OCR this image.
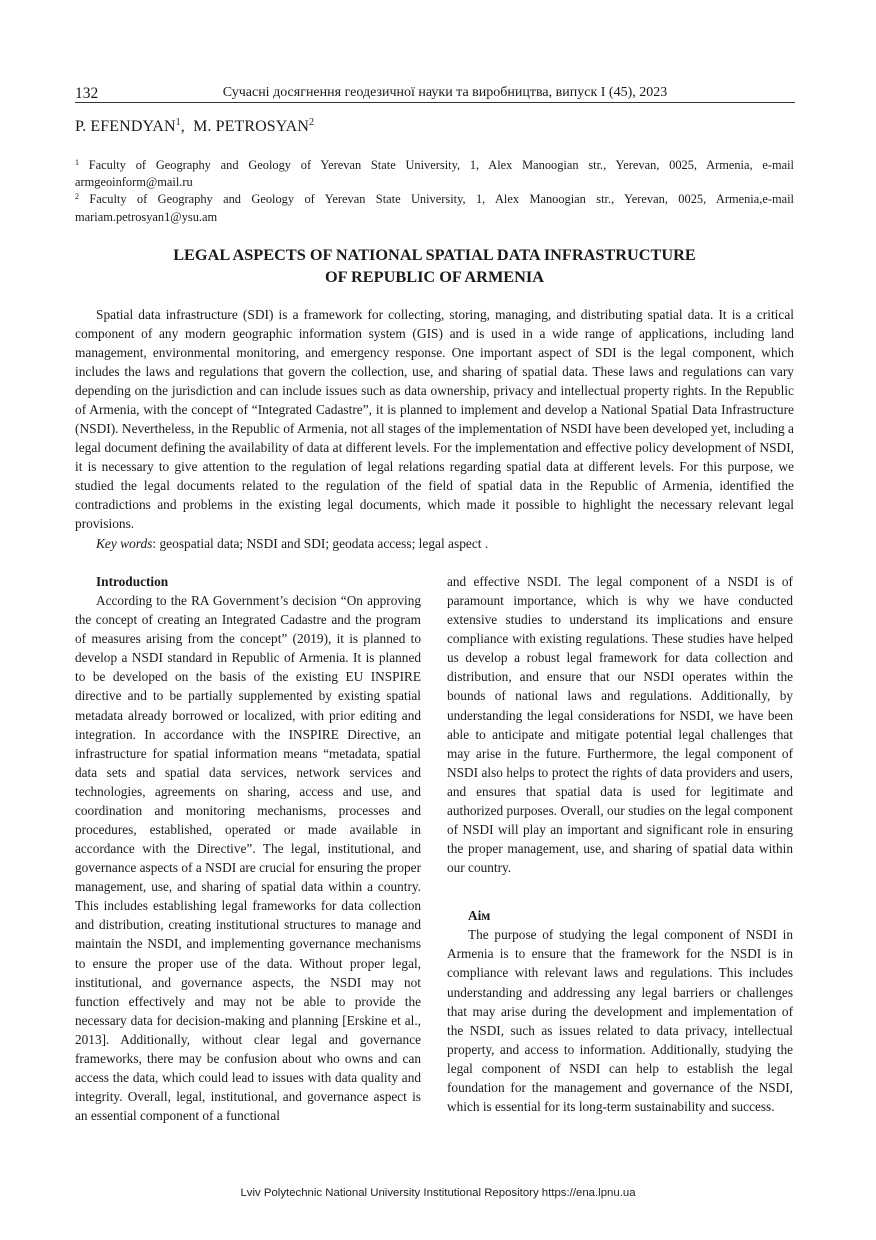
132	Сучасні досягнення геодезичної науки та виробництва, випуск I (45), 2023
P. EFENDYAN$^1$,  M. PETROSYAN$^2$

$^1$ Faculty of Geography and Geology of Yerevan State University, 1, Alex Manoogian str., Yerevan, 0025, Armenia, e-mail armgeoinform@mail.ru

$^2$ Faculty of Geography and Geology of Yerevan State University, 1, Alex Manoogian str., Yerevan, 0025, Armenia,e-mail mariam.petrosyan1@ysu.am

LEGAL ASPECTS OF NATIONAL SPATIAL DATA INFRASTRUCTURE
OF REPUBLIC OF ARMENIA

Spatial data infrastructure (SDI) is a framework for collecting, storing, managing, and distributing spatial data. It is a critical component of any modern geographic information system (GIS) and is used in a wide range of applications, including land management, environmental monitoring, and emergency response. One important aspect of SDI is the legal component, which includes the laws and regulations that govern the collection, use, and sharing of spatial data. These laws and regulations can vary depending on the jurisdiction and can include issues such as data ownership, privacy and intellectual property rights. In the Republic of Armenia, with the concept of “Integrated Cadastre”, it is planned to implement and develop a National Spatial Data Infrastructure (NSDI). Nevertheless, in the Republic of Armenia, not all stages of the implementation of NSDI have been developed yet, including a legal document defining the availability of data at different levels. For the implementation and effective policy development of NSDI, it is necessary to give attention to the regulation of legal relations regarding spatial data at different levels. For this purpose, we studied the legal documents related to the regulation of the field of spatial data in the Republic of Armenia, identified the contradictions and problems in the existing legal documents, which made it possible to highlight the necessary relevant legal provisions.

Key words: geospatial data; NSDI and SDI; geodata access; legal aspect .
Introduction

According to the RA Government’s decision “On approving the concept of creating an Integrated Cadastre and the program of measures arising from the concept” (2019), it is planned to develop a NSDI standard in Republic of Armenia. It is planned to be developed on the basis of the existing EU INSPIRE directive and to be partially supplemented by existing spatial metadata already borrowed or localized, with prior editing and integration. In accordance with the INSPIRE Directive, an infrastructure for spatial information means “metadata, spatial data sets and spatial data services, network services and technologies, agreements on sharing, access and use, and coordination and monitoring mechanisms, processes and procedures, established, operated or made available in accordance with the Directive”. The legal, institutional, and governance aspects of a NSDI are crucial for ensuring the proper management, use, and sharing of spatial data within a country. This includes establishing legal frameworks for data collection and distribution, creating institutional structures to manage and maintain the NSDI, and implementing governance mechanisms to ensure the proper use of the data. Without proper legal, institutional, and governance aspects, the NSDI may not function effectively and may not be able to provide the necessary data for decision-making and planning [Erskine et al., 2013]. Additionally, without clear legal and governance frameworks, there may be confusion about who owns and can access the data, which could lead to issues with data quality and integrity. Overall, legal, institutional, and governance aspect is an essential component of a functional

and effective NSDI. The legal component of a NSDI is of paramount importance, which is why we have conducted extensive studies to understand its implications and ensure compliance with existing regulations. These studies have helped us develop a robust legal framework for data collection and distribution, and ensure that our NSDI operates within the bounds of national laws and regulations. Additionally, by understanding the legal considerations for NSDI, we have been able to anticipate and mitigate potential legal challenges that may arise in the future. Furthermore, the legal component of NSDI also helps to protect the rights of data providers and users, and ensures that spatial data is used for legitimate and authorized purposes. Overall, our studies on the legal component of NSDI will play an important and significant role in ensuring the proper management, use, and sharing of spatial data within our country.

Аім

The purpose of studying the legal component of NSDI in Armenia is to ensure that the framework for the NSDI is in compliance with relevant laws and regulations. This includes understanding and addressing any legal barriers or challenges that may arise during the development and implementation of the NSDI, such as issues related to data privacy, intellectual property, and access to information. Additionally, studying the legal component of NSDI can help to establish the legal foundation for the management and governance of the NSDI, which is essential for its long-term sustainability and success.

Lviv Polytechnic National University Institutional Repository https://ena.lpnu.ua
